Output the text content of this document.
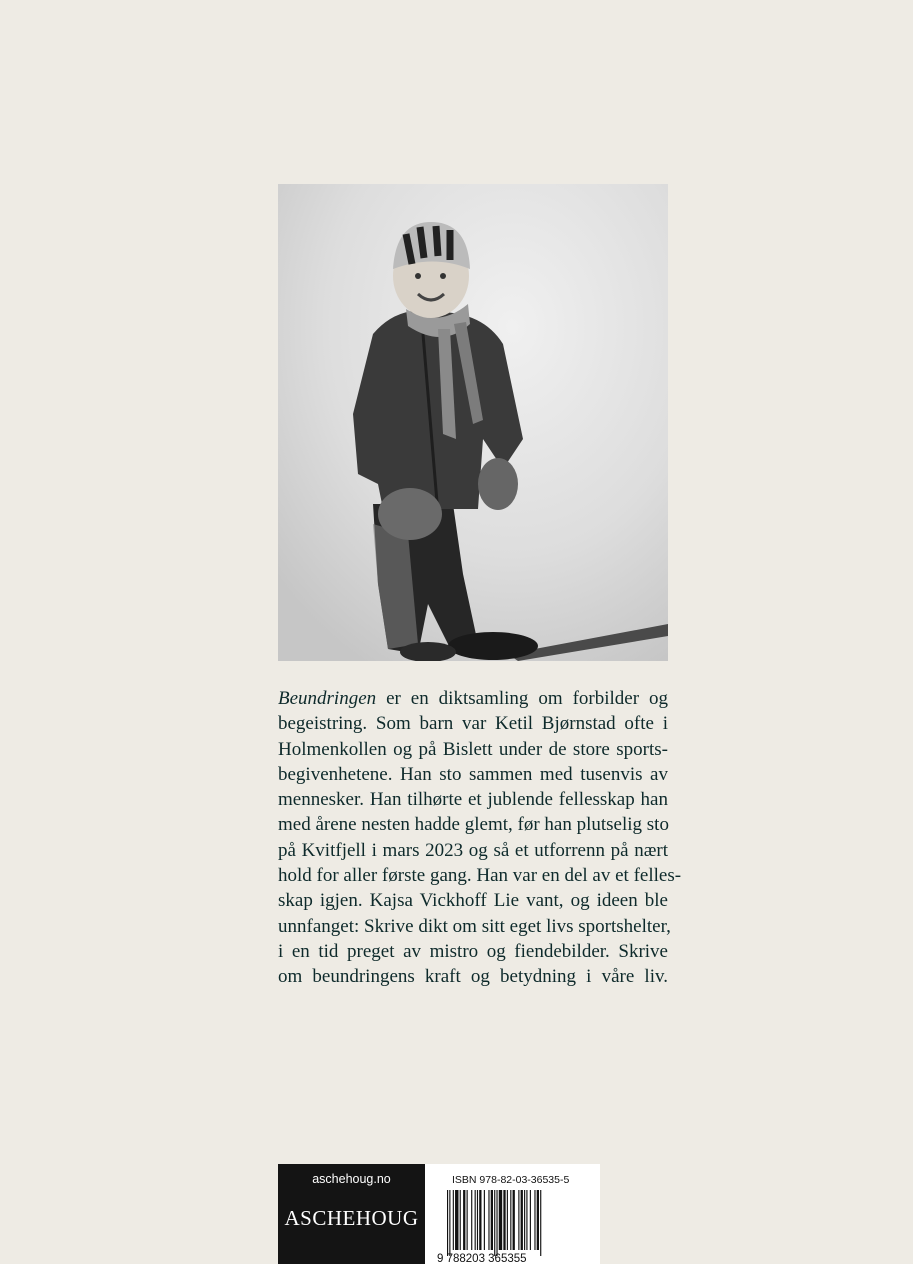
Beundringen er en diktsamling om forbilder og
begeistring. Som barn var Ketil Bjørnstad ofte i
Holmenkollen og på Bislett under de store sports-
begivenhetene. Han sto sammen med tusenvis av
mennesker. Han tilhørte et jublende fellesskap han
med årene nesten hadde glemt, før han plutselig sto
på Kvitfjell i mars 2023 og så et utforrenn på nært
hold for aller første gang. Han var en del av et felles-
skap igjen. Kajsa Vickhoff Lie vant, og ideen ble
unnfanget: Skrive dikt om sitt eget livs sportshelter,
i en tid preget av mistro og fiendebilder. Skrive
om beundringens kraft og betydning i våre liv.
aschehoug.no
ASCHEHOUG
ISBN 978-82-03-36535-5
9 788203 365355
